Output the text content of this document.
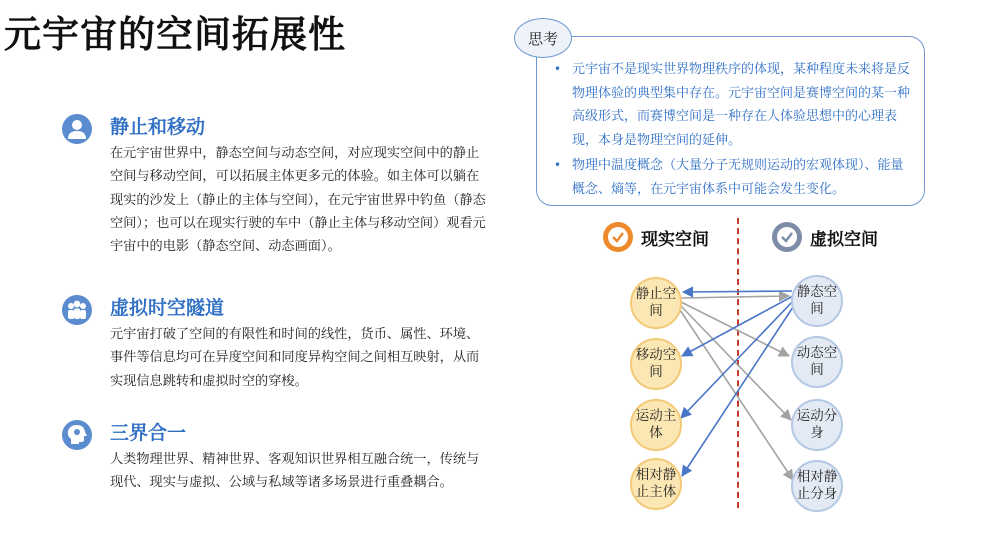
元宇宙的空间拓展性
静止和移动
在元宇宙世界中，静态空间与动态空间，对应现实空间中的静止空间与移动空间，可以拓展主体更多元的体验。如主体可以躺在现实的沙发上（静止的主体与空间），在元宇宙世界中钓鱼（静态空间）；也可以在现实行驶的车中（静止主体与移动空间）观看元宇宙中的电影（静态空间、动态画面）。
虚拟时空隧道
元宇宙打破了空间的有限性和时间的线性，货币、属性、环境、事件等信息均可在异度空间和同度异构空间之间相互映射，从而实现信息跳转和虚拟时空的穿梭。
三界合一
人类物理世界、精神世界、客观知识世界相互融合统一，传统与现代、现实与虚拟、公域与私域等诸多场景进行重叠耦合。
思考
• 元宇宙不是现实世界物理秩序的体现，某种程度未来将是反物理体验的典型集中存在。元宇宙空间是赛博空间的某一种高级形式，而赛博空间是一种存在人体验思想中的心理表现，本身是物理空间的延伸。
• 物理中温度概念（大量分子无规则运动的宏观体现）、能量概念、熵等，在元宇宙体系中可能会发生变化。
现实空间	虚拟空间
静止空间
移动空间
运动主体
相对静止主体
静态空间
动态空间
运动分身
相对静止分身
